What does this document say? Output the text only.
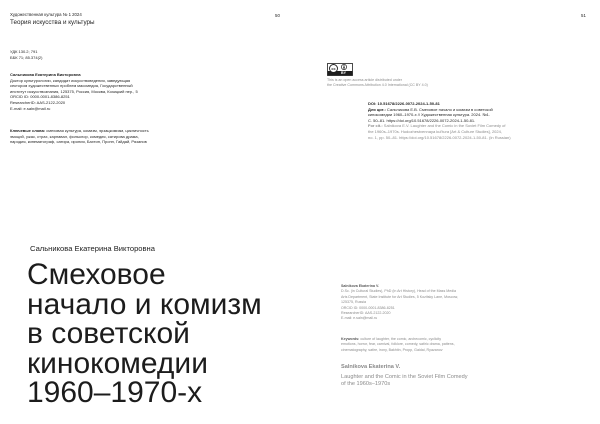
Художественная культура № 1 2024	50	51
Теория искусства и культуры
УДК 130.2; 791
ББК 71; 85.374(2)
Сальникова Екатерина Викторовна
Доктор культурологии, кандидат искусствоведения, заведующая
сектором художественных проблем массмедиа, Государственный
институт искусствознания, 125375, Россия, Москва, Козицкий пер., 5
ORCID ID: 0000-0001-8386-8251
ResearcherID: AAS-2122-2020
E-mail: e.saln@mail.ru
Ключевые слова: смеховая культура, комизм, эрзацкомизм, цикличность
эмоций, ужас, страх, карнавал, фольклор, комедия, сатирова драма,
пародия, кинематограф, сатира, ирония, Бахтин, Пропп, Гайдай, Рязанов
cc
BY
This is an open access article distributed under
the Creative Commons Attribution 4.0 International (CC BY 4.0)
DOI: 10.51678/2226-0072-2024-1-50-81
Для цит.: Сальникова Е.В. Смеховое начало и комизм в советской
кинокомедии 1960–1970-х // Художественная культура. 2024. №1.
С. 50–81. https://doi.org/10.51678/2226-0072-2024-1-50-81.
For cit.: Salnikova E.V. Laughter and the Comic in the Soviet Film Comedy of
the 1960s–1970s. Hudozhestvennaya kul'tura [Art & Culture Studies], 2024,
no. 1, pp. 50–81. https://doi.org/10.51678/2226-0072-2024-1-50-81. (In Russian)
Сальникова Екатерина Викторовна
Смеховое
начало и комизм
в советской
кинокомедии
1960–1970-х
Salnikova Ekaterina V.
D.Sc. (in Cultural Studies), PhD (in Art History), Head of the Mass Media
Arts Department, State Institute for Art Studies, 5 Kozitsky Lane, Moscow,
125375, Russia
ORCID ID: 0000-0001-8386-8251
ResearcherID: AAS-2122-2020
E-mail: e.saln@mail.ru
Keywords: culture of laughter, the comic, archecomic, cyclicity
emotions, horror, fear, carnival, folklore, comedy, satiric drama, pattens,
cinematography, satire, irony, Bakhtin, Propp, Gaidai, Ryazanov
Salnikova Ekaterina V.
Laughter and the Comic in the Soviet Film Comedy
of the 1960s–1970s
